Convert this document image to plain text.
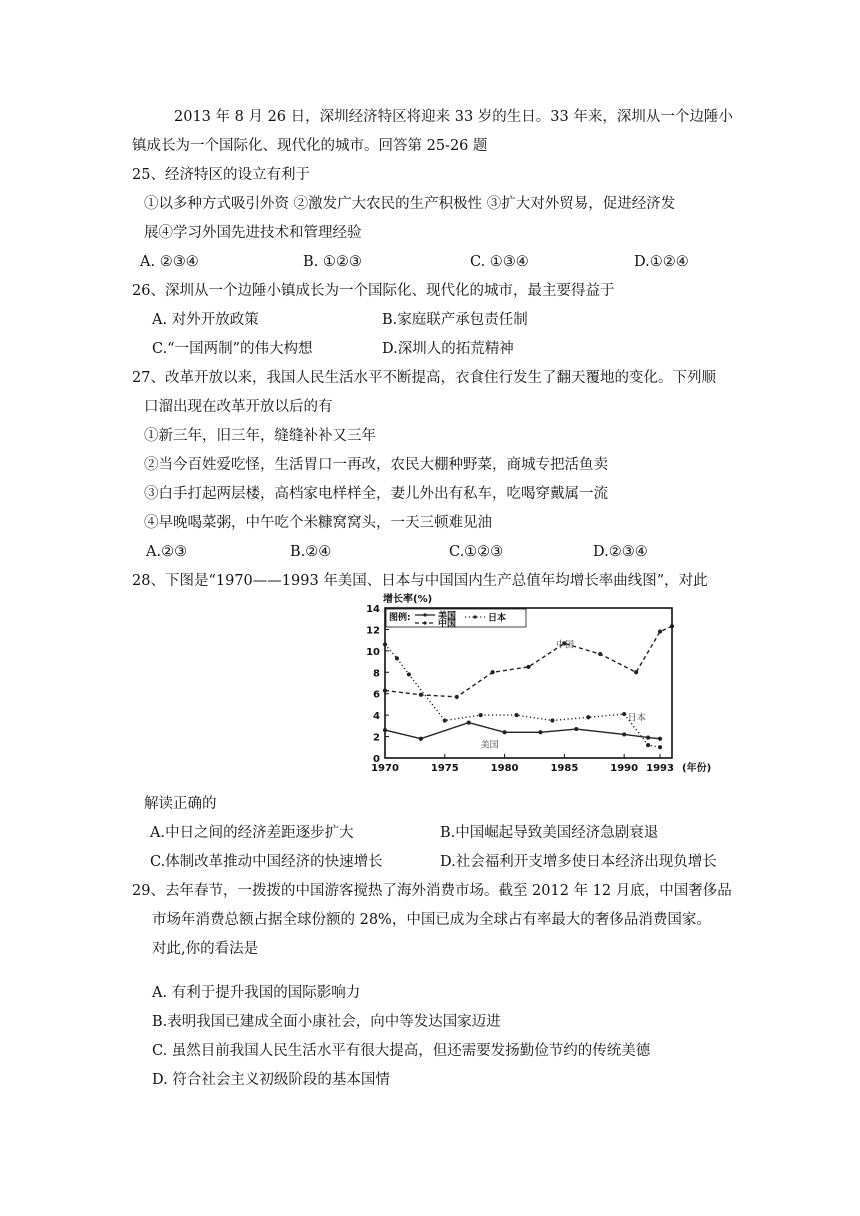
2013 年 8 月 26 日，深圳经济特区将迎来 33 岁的生日。33 年来，深圳从一个边陲小
镇成长为一个国际化、现代化的城市。回答第 25-26 题
25、经济特区的设立有利于
①以多种方式吸引外资 ②激发广大农民的生产积极性 ③扩大对外贸易，促进经济发
展④学习外国先进技术和管理经验
A. ②③④	B. ①②③	C. ①③④	D.①②④
26、深圳从一个边陲小镇成长为一个国际化、现代化的城市，最主要得益于
A. 对外开放政策	B.家庭联产承包责任制
C.“一国两制”的伟大构想	D.深圳人的拓荒精神
27、改革开放以来，我国人民生活水平不断提高，衣食住行发生了翻天覆地的变化。下列顺
口溜出现在改革开放以后的有
①新三年，旧三年，缝缝补补又三年
②当今百姓爱吃怪，生活胃口一再改，农民大棚种野菜，商城专把活鱼卖
③白手打起两层楼，高档家电样样全，妻儿外出有私车，吃喝穿戴属一流
④早晚喝菜粥，中午吃个米糠窝窝头，一天三顿难见油
A.②③	B.②④	C.①②③	D.②③④
28、下图是“1970——1993 年美国、日本与中国国内生产总值年均增长率曲线图”，对此
增长率(%)
0
2
4
6
8
10
12
14
1970	1975	1980	1985	1990 1993 (年份)
图例:	美国
中国
日本
中国
日本
美国
解读正确的
A.中日之间的经济差距逐步扩大	B.中国崛起导致美国经济急剧衰退
C.体制改革推动中国经济的快速增长	D.社会福利开支增多使日本经济出现负增长
29、去年春节，一拨拨的中国游客搅热了海外消费市场。截至 2012 年 12 月底，中国奢侈品
市场年消费总额占据全球份额的 28%，中国已成为全球占有率最大的奢侈品消费国家。
对此,你的看法是
A. 有利于提升我国的国际影响力
B.表明我国已建成全面小康社会，向中等发达国家迈进
C. 虽然目前我国人民生活水平有很大提高，但还需要发扬勤俭节约的传统美德
D. 符合社会主义初级阶段的基本国情
